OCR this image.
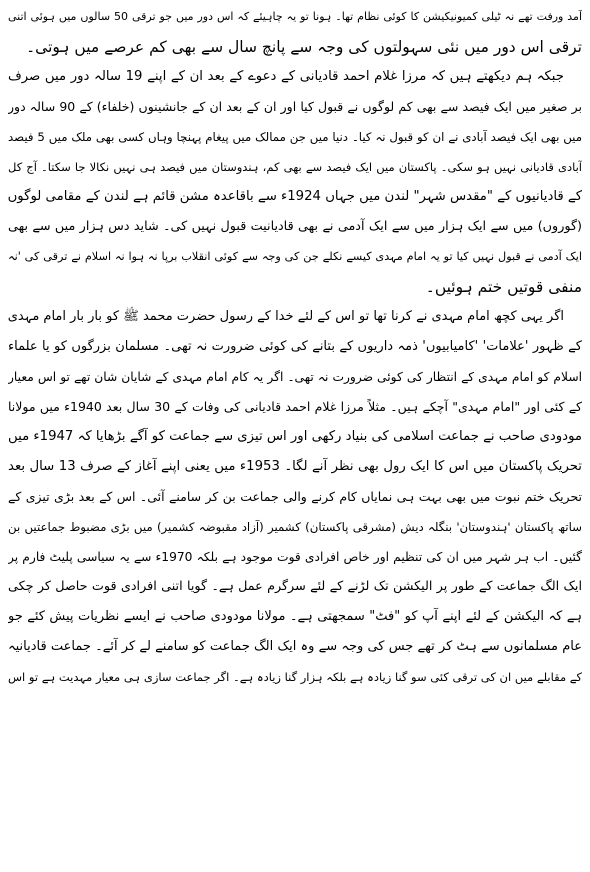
آمد ورفت تھے نہ ٹیلی کمیونیکیشن کا کوئی نظام تھا۔ ہونا تو یہ چاہیئے کہ اس دور میں جو ترقی 50 سالوں میں ہوئی اتنی
ترقی اس دور میں نئی سہولتوں کی وجہ سے پانچ سال سے بھی کم عرصے میں ہوتی۔

جبکہ ہم دیکھتے ہیں کہ مرزا غلام احمد قادیانی کے دعوے کے بعد ان کے اپنے 19 سالہ دور میں صرف
بر صغیر میں ایک فیصد سے بھی کم لوگوں نے قبول کیا اور ان کے بعد ان کے جانشینوں (خلفاء) کے 90 سالہ دور
میں بھی ایک فیصد آبادی نے ان کو قبول نہ کیا۔ دنیا میں جن ممالک میں پیغام پہنچا وہاں کسی بھی ملک میں 5 فیصد
آبادی قادیانی نہیں ہو سکی۔ پاکستان میں ایک فیصد سے بھی کم، ہندوستان میں فیصد ہی نہیں نکالا جا سکتا۔ آج کل
کے قادیانیوں کے "مقدس شہر" لندن میں جہاں 1924ء سے باقاعدہ مشن قائم ہے لندن کے مقامی لوگوں
(گوروں) میں سے ایک ہزار میں سے ایک آدمی نے بھی قادیانیت قبول نہیں کی۔ شاید دس ہزار میں سے بھی
ایک آدمی نے قبول نہیں کیا تو یہ امام مہدی کیسے نکلے جن کی وجہ سے کوئی انقلاب برپا نہ ہوا نہ اسلام نے ترقی کی 'نہ
منفی قوتیں ختم ہوئیں۔

اگر یہی کچھ امام مہدی نے کرنا تھا تو اس کے لئے خدا کے رسول حضرت محمد ﷺ کو بار بار امام مہدی
کے ظہور 'علامات' 'کامیابیوں' ذمہ داریوں کے بتانے کی کوئی ضرورت نہ تھی۔ مسلمان بزرگوں کو یا علماء
اسلام کو امام مہدی کے انتظار کی کوئی ضرورت نہ تھی۔ اگر یہ کام امام مہدی کے شایان شان تھے تو اس معیار
کے کئی اور "امام مہدی" آچکے ہیں۔ مثلاً مرزا غلام احمد قادیانی کی وفات کے 30 سال بعد 1940ء میں مولانا
مودودی صاحب نے جماعت اسلامی کی بنیاد رکھی اور اس تیزی سے جماعت کو آگے بڑھایا کہ 1947ء میں
تحریک پاکستان میں اس کا ایک رول بھی نظر آنے لگا۔ 1953ء میں یعنی اپنے آغاز کے صرف 13 سال بعد
تحریک ختم نبوت میں بھی بہت ہی نمایاں کام کرنے والی جماعت بن کر سامنے آئی۔ اس کے بعد بڑی تیزی کے
ساتھ پاکستان 'ہندوستان' بنگلہ دیش (مشرقی پاکستان) کشمیر (آزاد مقبوضہ کشمیر) میں بڑی مضبوط جماعتیں بن
گئیں۔ اب ہر شہر میں ان کی تنظیم اور خاص افرادی قوت موجود ہے بلکہ 1970ء سے یہ سیاسی پلیٹ فارم پر
ایک الگ جماعت کے طور پر الیکشن تک لڑنے کے لئے سرگرم عمل ہے۔ گویا اتنی افرادی قوت حاصل کر چکی
ہے کہ الیکشن کے لئے اپنے آپ کو "فٹ" سمجھتی ہے۔ مولانا مودودی صاحب نے ایسے نظریات پیش کئے جو
عام مسلمانوں سے ہٹ کر تھے جس کی وجہ سے وہ ایک الگ جماعت کو سامنے لے کر آئے۔ جماعت قادیانیہ
کے مقابلے میں ان کی ترقی کئی سو گنا زیادہ ہے بلکہ ہزار گنا زیادہ ہے۔ اگر جماعت سازی ہی معیار مہدیت ہے تو اس
